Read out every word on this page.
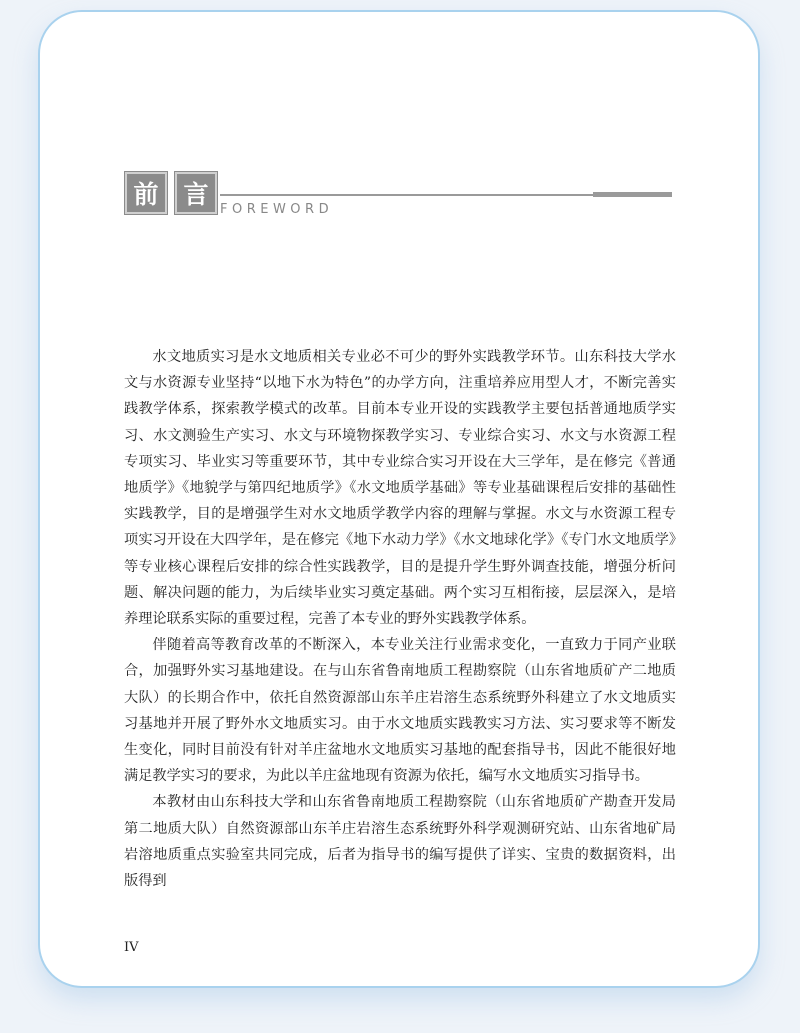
前 言
FOREWORD

水文地质实习是水文地质相关专业必不可少的野外实践教学环节。山东科技大学水文与水资源专业坚持“以地下水为特色”的办学方向，注重培养应用型人才，不断完善实践教学体系，探索教学模式的改革。目前本专业开设的实践教学主要包括普通地质学实习、水文测验生产实习、水文与环境物探教学实习、专业综合实习、水文与水资源工程专项实习、毕业实习等重要环节，其中专业综合实习开设在大三学年，是在修完《普通地质学》《地貌学与第四纪地质学》《水文地质学基础》等专业基础课程后安排的基础性实践教学，目的是增强学生对水文地质学教学内容的理解与掌握。水文与水资源工程专项实习开设在大四学年，是在修完《地下水动力学》《水文地球化学》《专门水文地质学》等专业核心课程后安排的综合性实践教学，目的是提升学生野外调查技能，增强分析问题、解决问题的能力，为后续毕业实习奠定基础。两个实习互相衔接，层层深入，是培养理论联系实际的重要过程，完善了本专业的野外实践教学体系。

伴随着高等教育改革的不断深入，本专业关注行业需求变化，一直致力于同产业联合，加强野外实习基地建设。在与山东省鲁南地质工程勘察院（山东省地质矿产二地质大队）的长期合作中，依托自然资源部山东羊庄岩溶生态系统野外科建立了水文地质实习基地并开展了野外水文地质实习。由于水文地质实践教实习方法、实习要求等不断发生变化，同时目前没有针对羊庄盆地水文地质实习基地的配套指导书，因此不能很好地满足教学实习的要求，为此以羊庄盆地现有资源为依托，编写水文地质实习指导书。

本教材由山东科技大学和山东省鲁南地质工程勘察院（山东省地质矿产勘查开发局第二地质大队）自然资源部山东羊庄岩溶生态系统野外科学观测研究站、山东省地矿局岩溶地质重点实验室共同完成，后者为指导书的编写提供了详实、宝贵的数据资料，出版得到

IV
